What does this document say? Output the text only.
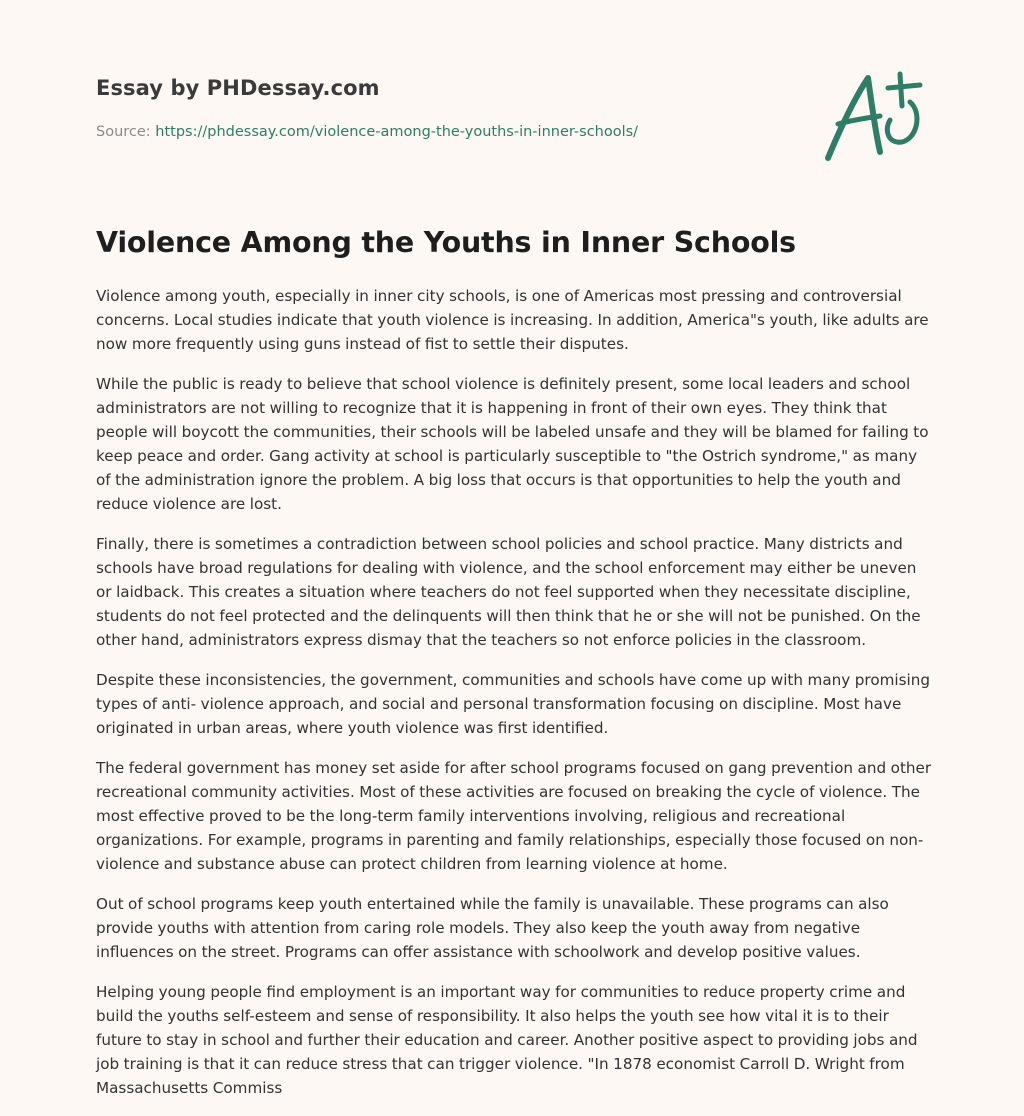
Essay by PHDessay.com
Source: https://phdessay.com/violence-among-the-youths-in-inner-schools/
Violence Among the Youths in Inner Schools

Violence among youth, especially in inner city schools, is one of Americas most pressing and controversial concerns. Local studies indicate that youth violence is increasing. In addition, America"s youth, like adults are now more frequently using guns instead of fist to settle their disputes.

While the public is ready to believe that school violence is definitely present, some local leaders and school administrators are not willing to recognize that it is happening in front of their own eyes. They think that people will boycott the communities, their schools will be labeled unsafe and they will be blamed for failing to keep peace and order. Gang activity at school is particularly susceptible to "the Ostrich syndrome," as many of the administration ignore the problem. A big loss that occurs is that opportunities to help the youth and reduce violence are lost.

Finally, there is sometimes a contradiction between school policies and school practice. Many districts and schools have broad regulations for dealing with violence, and the school enforcement may either be uneven or laidback. This creates a situation where teachers do not feel supported when they necessitate discipline, students do not feel protected and the delinquents will then think that he or she will not be punished. On the other hand, administrators express dismay that the teachers so not enforce policies in the classroom.

Despite these inconsistencies, the government, communities and schools have come up with many promising types of anti- violence approach, and social and personal transformation focusing on discipline. Most have originated in urban areas, where youth violence was first identified.

The federal government has money set aside for after school programs focused on gang prevention and other recreational community activities. Most of these activities are focused on breaking the cycle of violence. The most effective proved to be the long-term family interventions involving, religious and recreational organizations. For example, programs in parenting and family relationships, especially those focused on non-violence and substance abuse can protect children from learning violence at home.

Out of school programs keep youth entertained while the family is unavailable. These programs can also provide youths with attention from caring role models. They also keep the youth away from negative influences on the street. Programs can offer assistance with schoolwork and develop positive values.

Helping young people find employment is an important way for communities to reduce property crime and build the youths self-esteem and sense of responsibility. It also helps the youth see how vital it is to their future to stay in school and further their education and career. Another positive aspect to providing jobs and job training is that it can reduce stress that can trigger violence. "In 1878 economist Carroll D. Wright from Massachusetts Commiss
